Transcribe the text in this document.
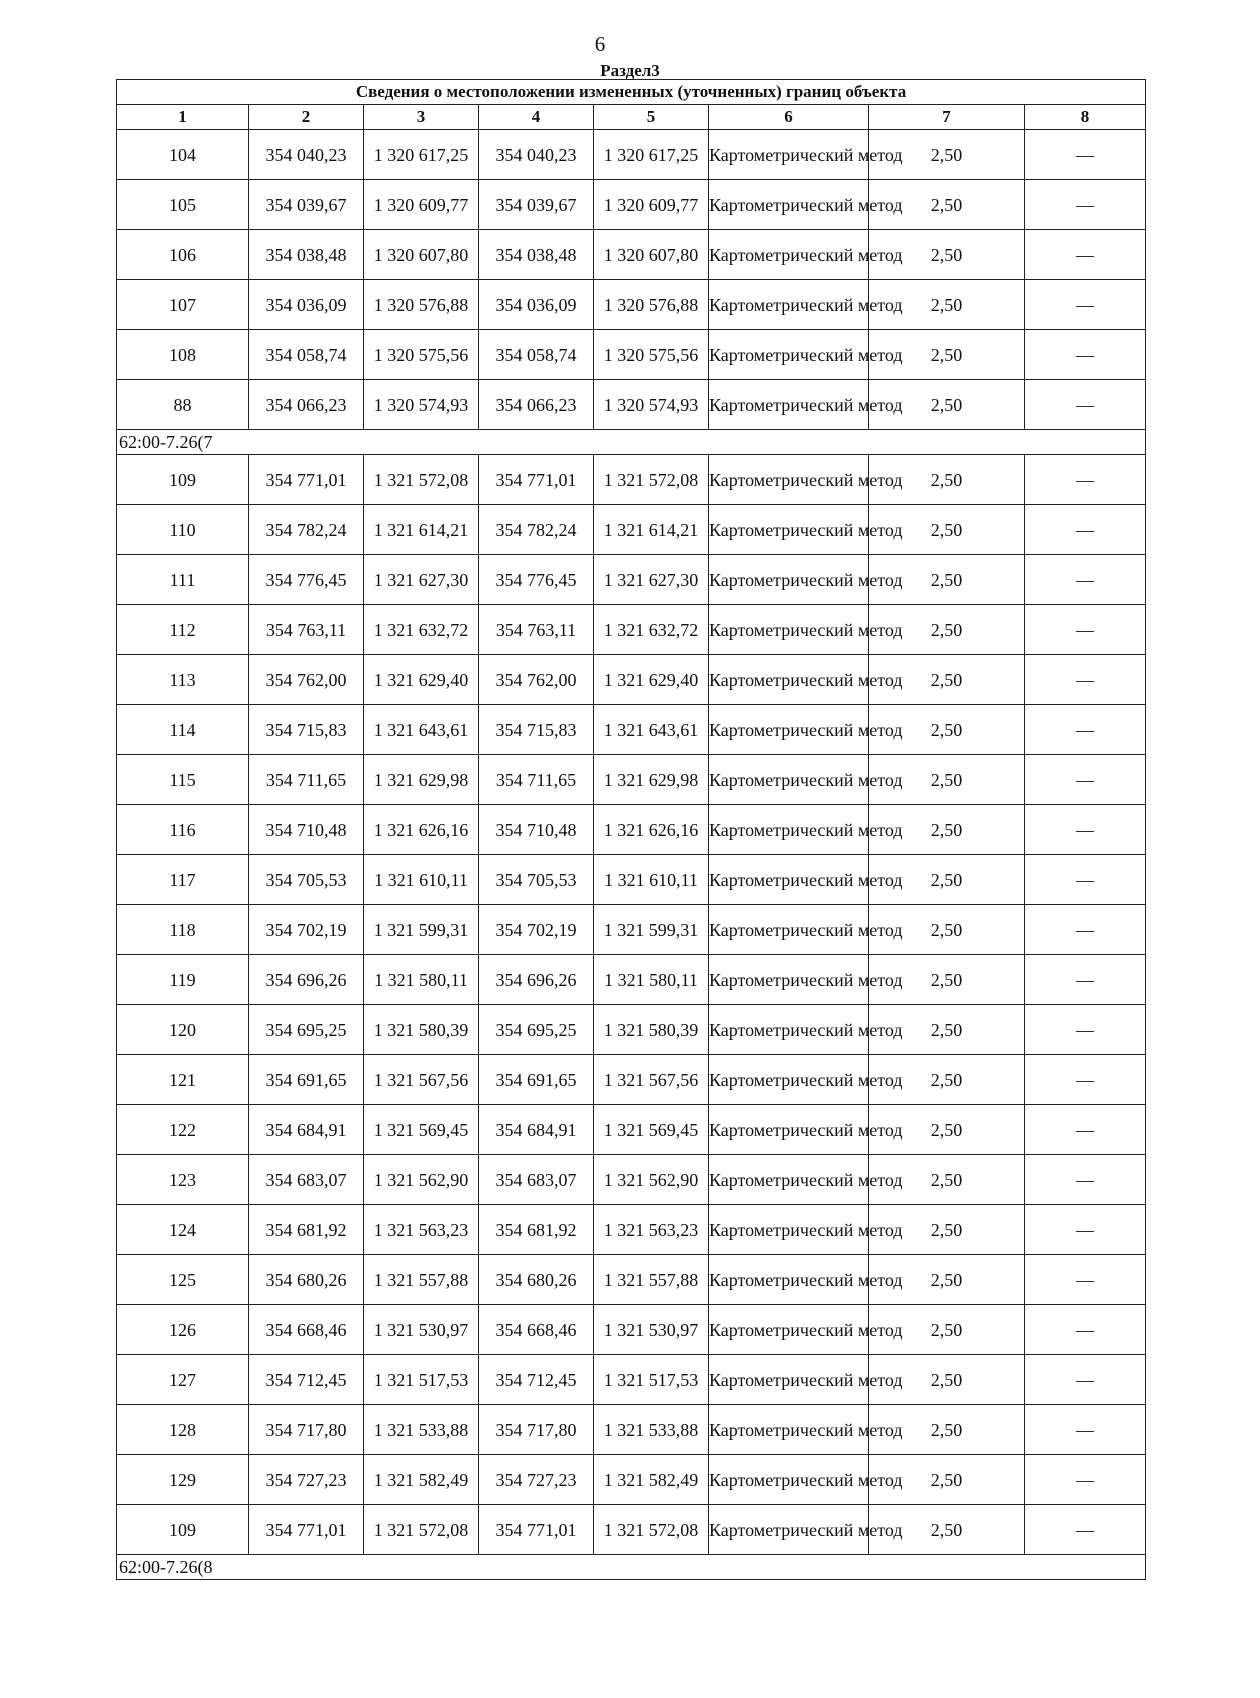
6
Раздел3
Сведения о местоположении измененных (уточненных) границ объекта							
1	2	3	4	5	6	7	8
104	354 040,23	1 320 617,25	354 040,23	1 320 617,25	Картометрический метод	2,50	—
105	354 039,67	1 320 609,77	354 039,67	1 320 609,77	Картометрический метод	2,50	—
106	354 038,48	1 320 607,80	354 038,48	1 320 607,80	Картометрический метод	2,50	—
107	354 036,09	1 320 576,88	354 036,09	1 320 576,88	Картометрический метод	2,50	—
108	354 058,74	1 320 575,56	354 058,74	1 320 575,56	Картометрический метод	2,50	—
88	354 066,23	1 320 574,93	354 066,23	1 320 574,93	Картометрический метод	2,50	—
62:00-7.26(7							
109	354 771,01	1 321 572,08	354 771,01	1 321 572,08	Картометрический метод	2,50	—
110	354 782,24	1 321 614,21	354 782,24	1 321 614,21	Картометрический метод	2,50	—
111	354 776,45	1 321 627,30	354 776,45	1 321 627,30	Картометрический метод	2,50	—
112	354 763,11	1 321 632,72	354 763,11	1 321 632,72	Картометрический метод	2,50	—
113	354 762,00	1 321 629,40	354 762,00	1 321 629,40	Картометрический метод	2,50	—
114	354 715,83	1 321 643,61	354 715,83	1 321 643,61	Картометрический метод	2,50	—
115	354 711,65	1 321 629,98	354 711,65	1 321 629,98	Картометрический метод	2,50	—
116	354 710,48	1 321 626,16	354 710,48	1 321 626,16	Картометрический метод	2,50	—
117	354 705,53	1 321 610,11	354 705,53	1 321 610,11	Картометрический метод	2,50	—
118	354 702,19	1 321 599,31	354 702,19	1 321 599,31	Картометрический метод	2,50	—
119	354 696,26	1 321 580,11	354 696,26	1 321 580,11	Картометрический метод	2,50	—
120	354 695,25	1 321 580,39	354 695,25	1 321 580,39	Картометрический метод	2,50	—
121	354 691,65	1 321 567,56	354 691,65	1 321 567,56	Картометрический метод	2,50	—
122	354 684,91	1 321 569,45	354 684,91	1 321 569,45	Картометрический метод	2,50	—
123	354 683,07	1 321 562,90	354 683,07	1 321 562,90	Картометрический метод	2,50	—
124	354 681,92	1 321 563,23	354 681,92	1 321 563,23	Картометрический метод	2,50	—
125	354 680,26	1 321 557,88	354 680,26	1 321 557,88	Картометрический метод	2,50	—
126	354 668,46	1 321 530,97	354 668,46	1 321 530,97	Картометрический метод	2,50	—
127	354 712,45	1 321 517,53	354 712,45	1 321 517,53	Картометрический метод	2,50	—
128	354 717,80	1 321 533,88	354 717,80	1 321 533,88	Картометрический метод	2,50	—
129	354 727,23	1 321 582,49	354 727,23	1 321 582,49	Картометрический метод	2,50	—
109	354 771,01	1 321 572,08	354 771,01	1 321 572,08	Картометрический метод	2,50	—
62:00-7.26(8							
